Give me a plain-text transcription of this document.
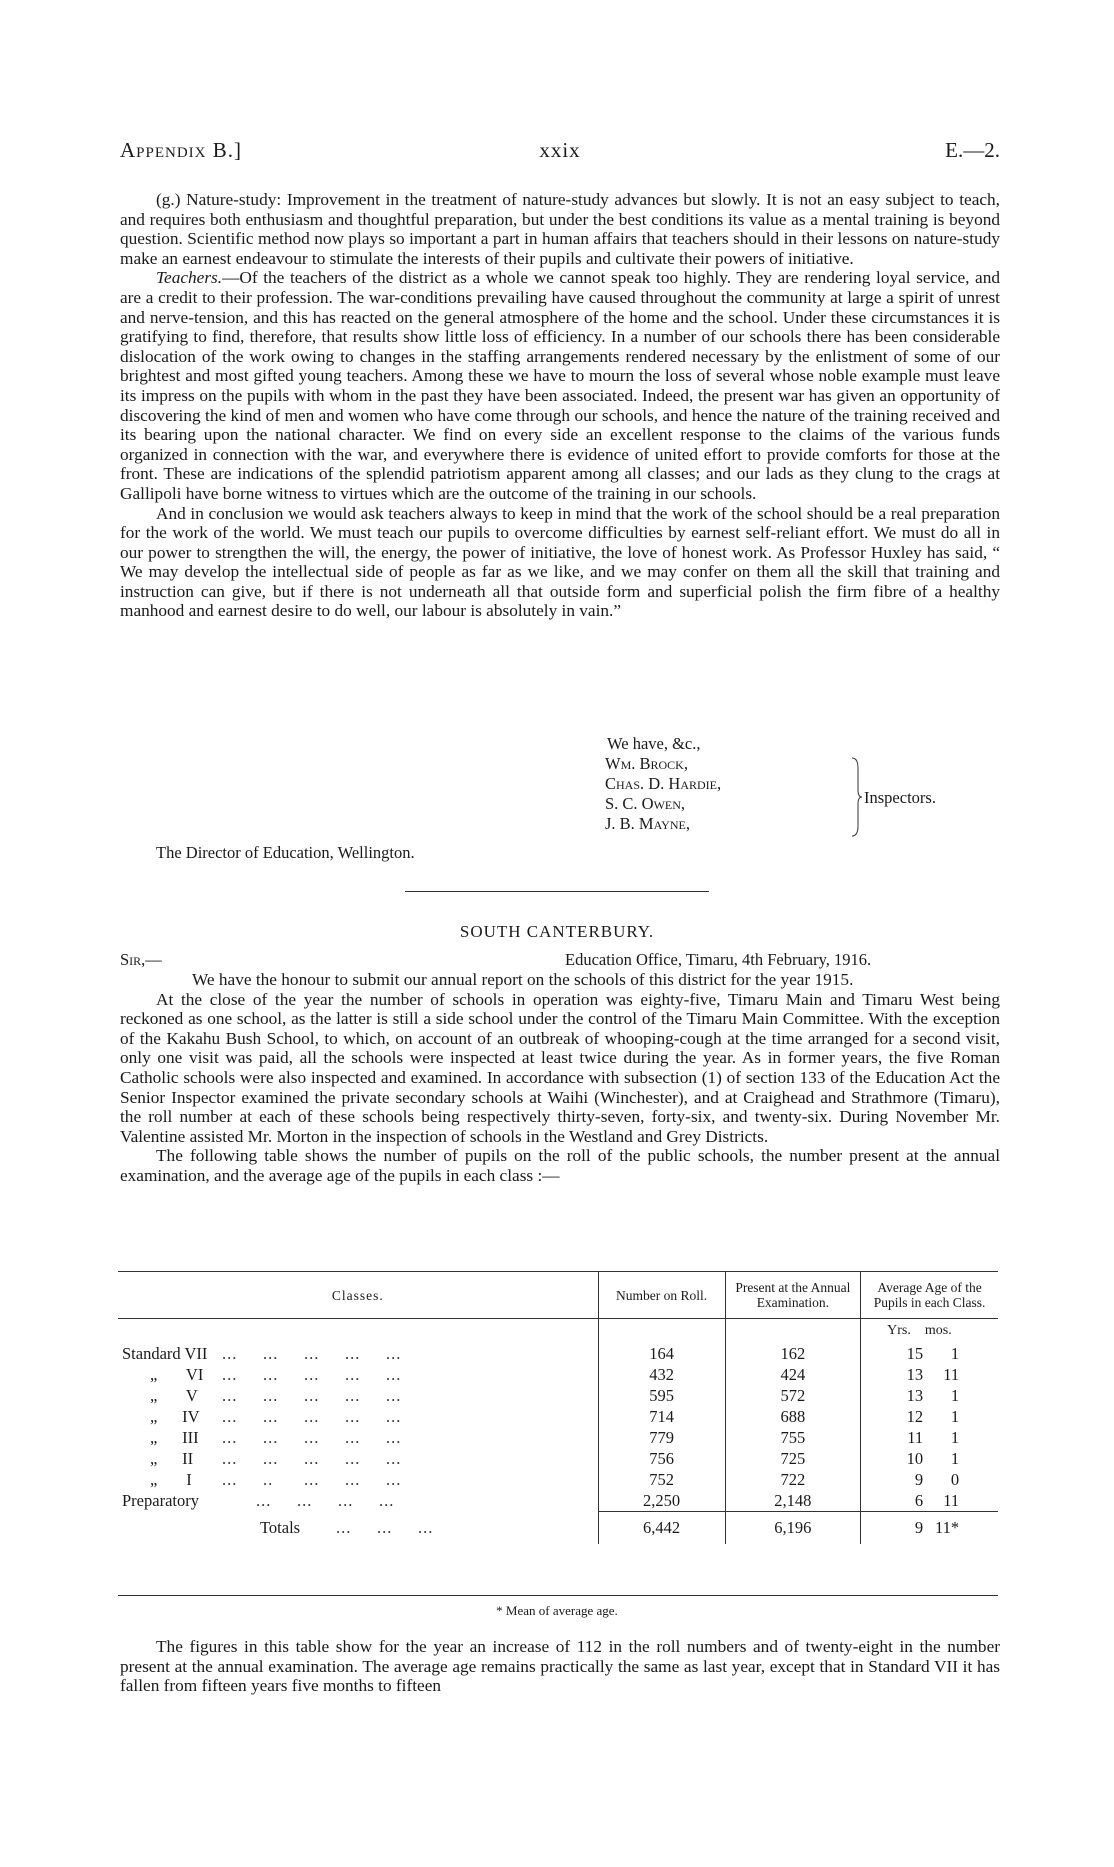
Appendix B.]	xxix	E.—2.

(g.) Nature-study: Improvement in the treatment of nature-study advances but slowly. It is not an easy subject to teach, and requires both enthusiasm and thoughtful preparation, but under the best conditions its value as a mental training is beyond question. Scientific method now plays so important a part in human affairs that teachers should in their lessons on nature-study make an earnest endeavour to stimulate the interests of their pupils and cultivate their powers of initiative.

Teachers.—Of the teachers of the district as a whole we cannot speak too highly. They are rendering loyal service, and are a credit to their profession. The war-conditions prevailing have caused throughout the community at large a spirit of unrest and nerve-tension, and this has reacted on the general atmosphere of the home and the school. Under these circumstances it is gratifying to find, therefore, that results show little loss of efficiency. In a number of our schools there has been considerable dislocation of the work owing to changes in the staffing arrangements rendered necessary by the enlistment of some of our brightest and most gifted young teachers. Among these we have to mourn the loss of several whose noble example must leave its impress on the pupils with whom in the past they have been associated. Indeed, the present war has given an opportunity of discovering the kind of men and women who have come through our schools, and hence the nature of the training received and its bearing upon the national character. We find on every side an excellent response to the claims of the various funds organized in connection with the war, and everywhere there is evidence of united effort to provide comforts for those at the front. These are indications of the splendid patriotism apparent among all classes; and our lads as they clung to the crags at Gallipoli have borne witness to virtues which are the outcome of the training in our schools.

And in conclusion we would ask teachers always to keep in mind that the work of the school should be a real preparation for the work of the world. We must teach our pupils to overcome difficulties by earnest self-reliant effort. We must do all in our power to strengthen the will, the energy, the power of initiative, the love of honest work. As Professor Huxley has said, “ We may develop the intellectual side of people as far as we like, and we may confer on them all the skill that training and instruction can give, but if there is not underneath all that outside form and superficial polish the firm fibre of a healthy manhood and earnest desire to do well, our labour is absolutely in vain.”

We have, &c.,
Wm. Brock,
Chas. D. Hardie,
S. C. Owen,
J. B. Mayne,
Inspectors.
The Director of Education, Wellington.
SOUTH CANTERBURY.
Sir,—	Education Office, Timaru, 4th February, 1916.

We have the honour to submit our annual report on the schools of this district for the year 1915.

At the close of the year the number of schools in operation was eighty-five, Timaru Main and Timaru West being reckoned as one school, as the latter is still a side school under the control of the Timaru Main Committee. With the exception of the Kakahu Bush School, to which, on account of an outbreak of whooping-cough at the time arranged for a second visit, only one visit was paid, all the schools were inspected at least twice during the year. As in former years, the five Roman Catholic schools were also inspected and examined. In accordance with subsection (1) of section 133 of the Education Act the Senior Inspector examined the private secondary schools at Waihi (Winchester), and at Craighead and Strathmore (Timaru), the roll number at each of these schools being respectively thirty-seven, forty-six, and twenty-six. During November Mr. Valentine assisted Mr. Morton in the inspection of schools in the Westland and Grey Districts.

The following table shows the number of pupils on the roll of the public schools, the number present at the annual examination, and the average age of the pupils in each class :—

Classes.	Number on Roll.	Present at the Annual Examination.	Average Age of the Pupils in each Class.
			Yrs. mos.
Standard VII ...     ...     ...     ...     ...	164	162	15 1
„       VI ...     ...     ...     ...     ...	432	424	13 11
„       V ...     ...     ...     ...     ...	595	572	13 1
„      IV ...     ...     ...     ...     ...	714	688	12 1
„      III ...     ...     ...     ...     ...	779	755	11 1
„      II ...     ...     ...     ...     ...	756	725	10 1
„       I ...     ..      ...     ...     ...	752	722	9 0
Preparatory ...     ...     ...     ...	2,250	2,148	6 11
Totals ...     ...     ...	6,442	6,196	9 11*
* Mean of average age.

The figures in this table show for the year an increase of 112 in the roll numbers and of twenty-eight in the number present at the annual examination. The average age remains practically the same as last year, except that in Standard VII it has fallen from fifteen years five months to fifteen
